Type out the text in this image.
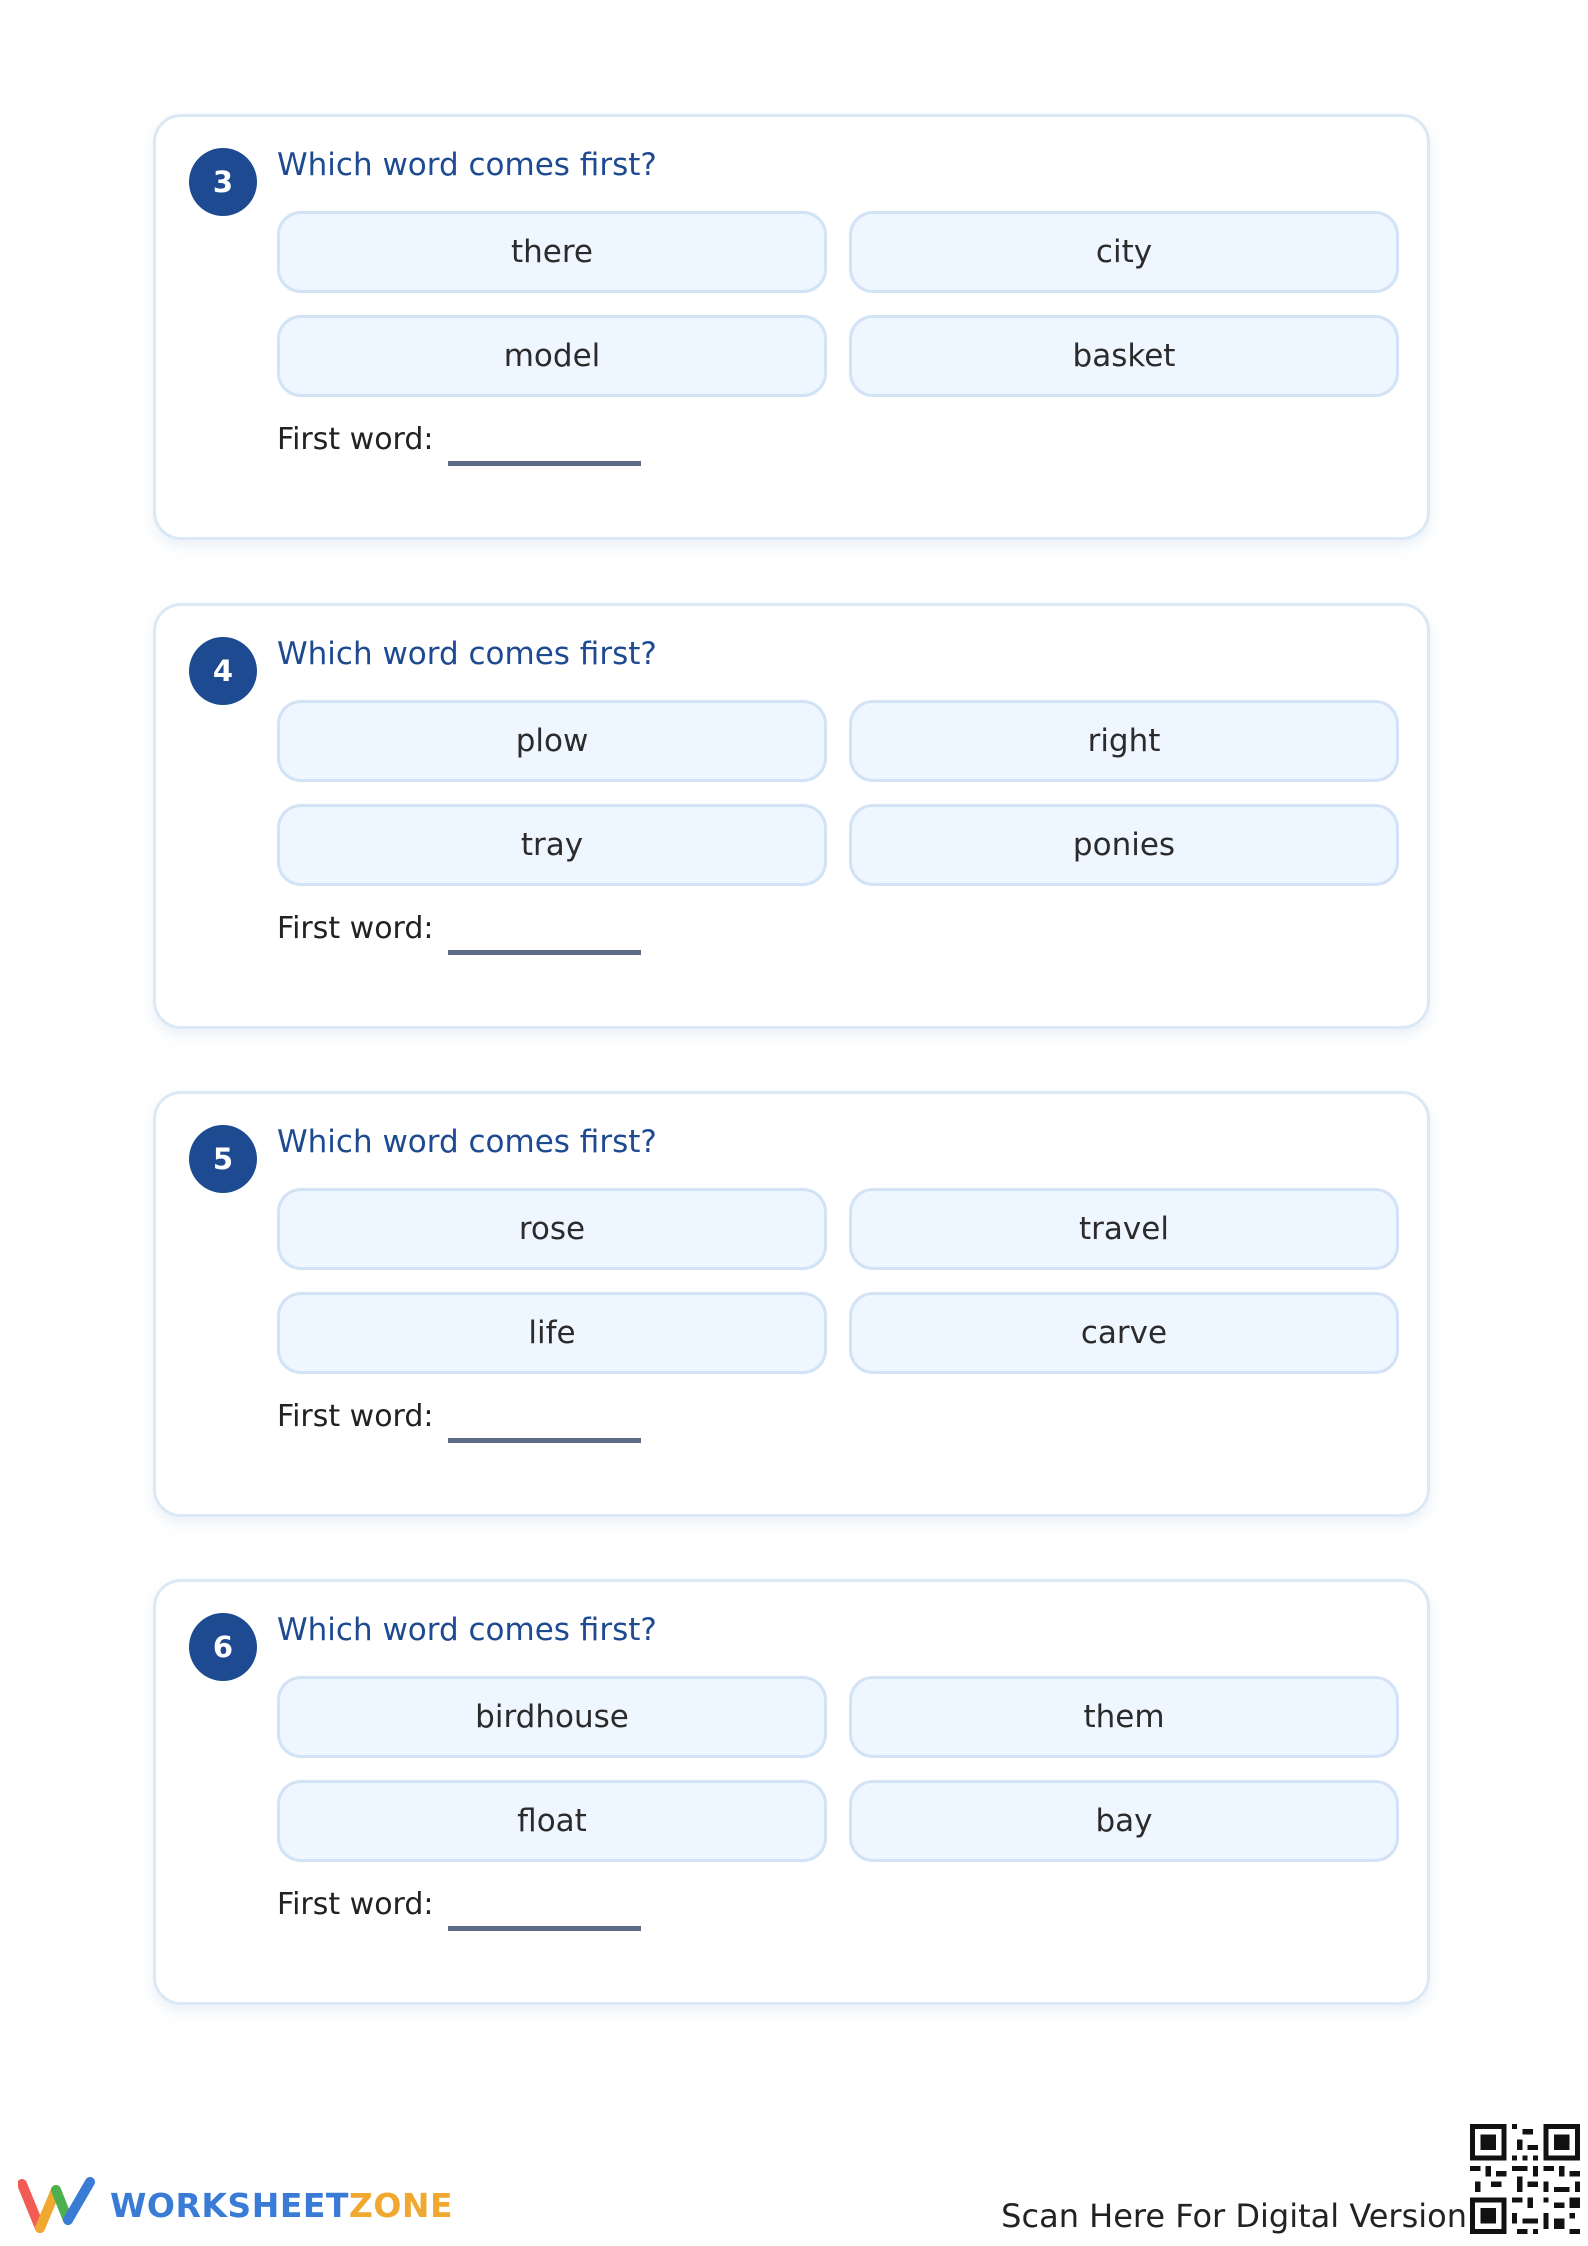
3	Which word comes first?
there	city
model	basket
First word:
4	Which word comes first?
plow	right
tray	ponies
First word:
5	Which word comes first?
rose	travel
life	carve
First word:
6	Which word comes first?
birdhouse	them
float	bay
First word:
WORKSHEETZONE	Scan Here For Digital Version
